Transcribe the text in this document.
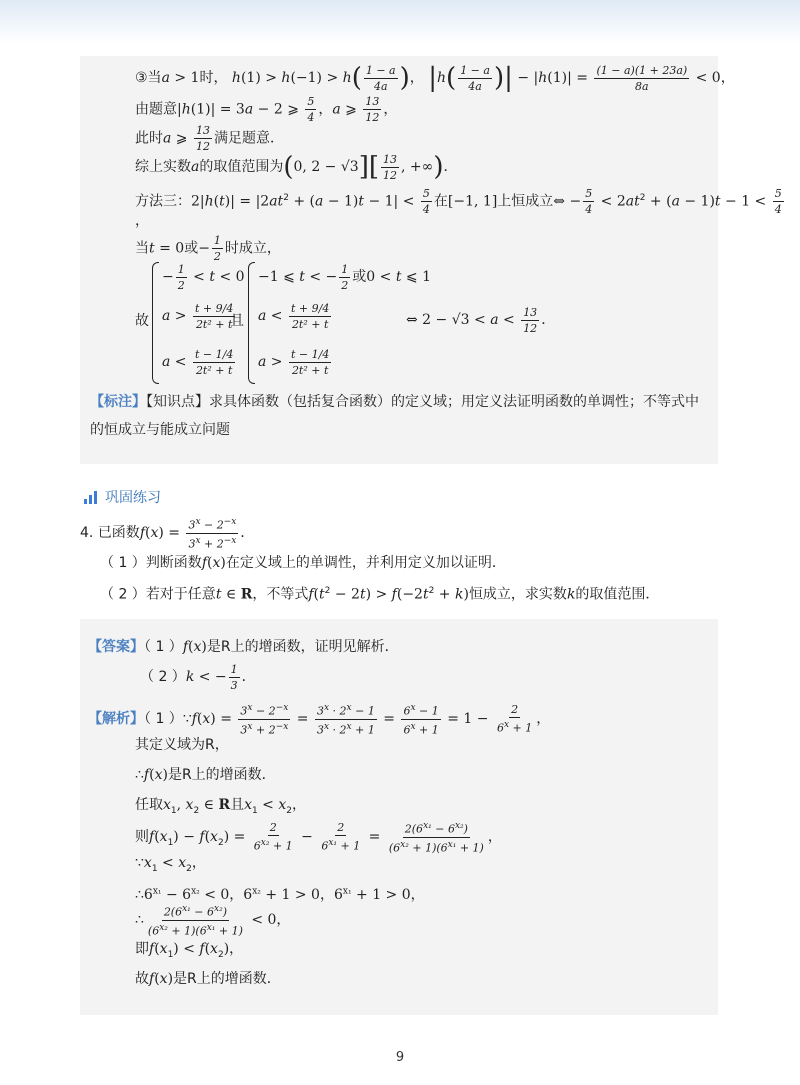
③当a > 1时， $h(1) > h(-1) > h( \frac{1 - a}{4a}$ )， $|h( \frac{1 - a}{4a}$ )| − $|h(1)| = \frac{(1 - a)(1 + 23a)}{8a} < 0$，
由题意|h(1)| = 3a − 2 ⩾ $\frac{5}{4}$ ，a ⩾ $\frac{13}{12}$ ，
此时a ⩾ $\frac{13}{12}$ 满足题意．
综上实数a的取值范围为(0, $2 - √3][ \frac{13}{12}$ , +∞)．
方法三：$2|h(t)| = |2at^2 + (a - 1)t - 1| < \frac{5}{4}$ 在[−1, 1]上恒成立⇔ − $\frac{5}{4} < 2at^2 + (a - 1)t - 1 < \frac{5}{4}$
，
当t = 0或− $\frac{1}{2}$ 时成立，
故
− $\frac{1}{2} < t < 0$
$a > \frac{t + 9/4}{\text{2t² + t}}$
$a < \frac{t - 1/4}{\text{2t² + t}}$
且
−1 ⩽ t < − $\frac{1}{2}$ 或0 < t ⩽ 1
$a < \frac{t + 9/4}{\text{2t² + t}}$
$a > \frac{t - 1/4}{\text{2t² + t}}$
⇔ $2 - √3 < a < \frac{13}{12}$ ．
【标注】【知识点】求具体函数（包括复合函数）的定义域；用定义法证明函数的单调性；不等式中的恒成立与能成立问题
巩固练习
4. 已函数$f(x) = \frac{3^x - 2^{-x}}{3^x + 2^{-x}}$ ．
（ 1 ）判断函数f(x)在定义域上的单调性，并利用定义加以证明．
（ 2 ）若对于任意t ∈ R，不等式$f(t^2 - 2t) > f(-2t^2 + k)$恒成立，求实数k的取值范围．
【答案】（ 1 ）f(x)是R上的增函数，证明见解析．
（ 2 ）k < − $\frac{1}{3}$ ．
【解析】（ 1 ）∵f(x) = $\frac{3^x - 2^{-x}}{3^x + 2^{-x}} = \frac{3^x \cdot 2^x - 1}{3^x \cdot 2^x + 1} = \frac{6^x - 1}{6^x + 1} = 1 - \frac{2}{6^x + 1}$ ，
其定义域为R，
∴f(x)是R上的增函数．
任取$x_1$, $x_2$ ∈ R且$x_1 < x_2$，
则$f(x_1) - f(x_2) = \frac{2}{6^{x_2} + 1} - \frac{2}{6^{x_1} + 1} = \frac{2(6^{x_1} - 6^{x_2})}{(6^{x_2} + 1)(6^{x_1} + 1)}$ ，
$\because x_1 < x_2$，
$\therefore 6^{x_1} - 6^{x_2} < 0$，$6^{x_2} + 1 > 0$，$6^{x_1} + 1 > 0$，
∴ $\frac{2(6^{x_1} - 6^{x_2})}{(6^{x_2} + 1)(6^{x_1} + 1)} < 0$，
即$f(x_1) < f(x_2)$，
故f(x)是R上的增函数．
9
